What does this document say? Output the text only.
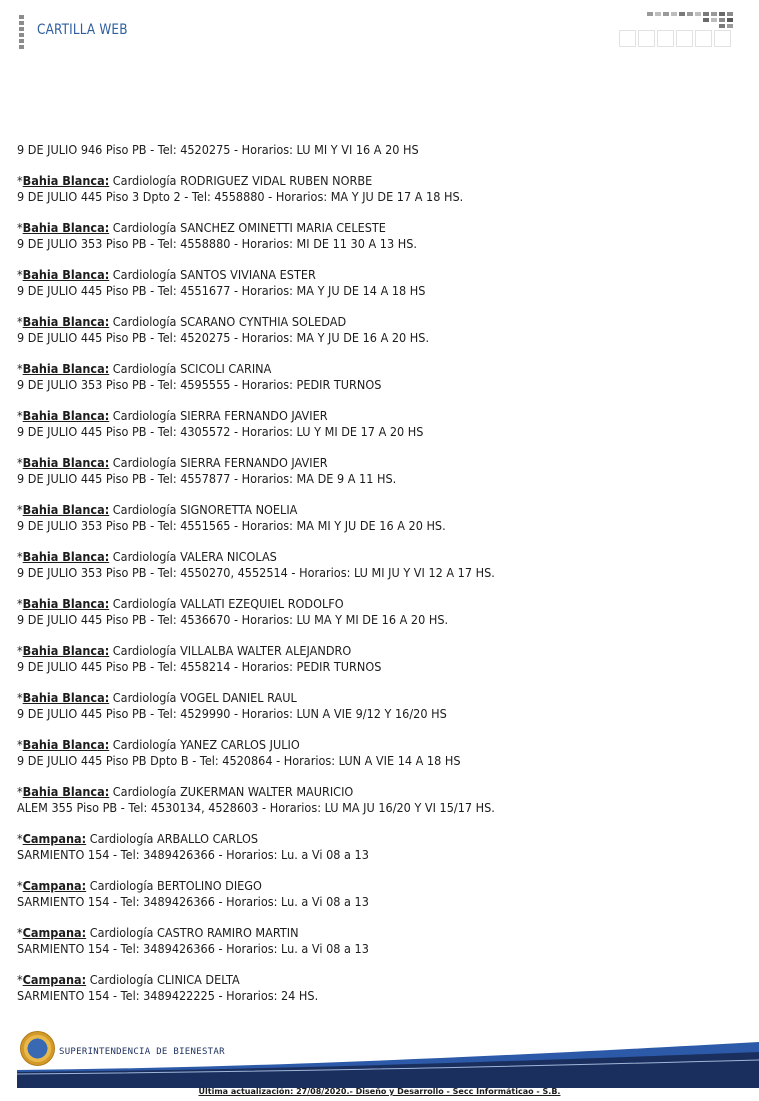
CARTILLA WEB
9 DE JULIO 946 Piso PB - Tel: 4520275 - Horarios: LU MI Y VI 16 A 20 HS
*Bahia Blanca: Cardiología RODRIGUEZ VIDAL RUBEN NORBE
9 DE JULIO 445 Piso 3 Dpto 2 - Tel: 4558880 - Horarios: MA Y JU DE 17 A 18 HS.
*Bahia Blanca: Cardiología SANCHEZ OMINETTI MARIA CELESTE
9 DE JULIO 353 Piso PB - Tel: 4558880 - Horarios: MI DE 11 30 A 13 HS.
*Bahia Blanca: Cardiología SANTOS VIVIANA ESTER
9 DE JULIO 445 Piso PB - Tel: 4551677 - Horarios: MA Y JU DE 14 A 18 HS
*Bahia Blanca: Cardiología SCARANO CYNTHIA SOLEDAD
9 DE JULIO 445 Piso PB - Tel: 4520275 - Horarios: MA Y JU DE 16 A 20 HS.
*Bahia Blanca: Cardiología SCICOLI CARINA
9 DE JULIO 353 Piso PB - Tel: 4595555 - Horarios: PEDIR TURNOS
*Bahia Blanca: Cardiología SIERRA FERNANDO JAVIER
9 DE JULIO 445 Piso PB - Tel: 4305572 - Horarios: LU Y MI DE 17 A 20 HS
*Bahia Blanca: Cardiología SIERRA FERNANDO JAVIER
9 DE JULIO 445 Piso PB - Tel: 4557877 - Horarios: MA DE 9 A 11 HS.
*Bahia Blanca: Cardiología SIGNORETTA NOELIA
9 DE JULIO 353 Piso PB - Tel: 4551565 - Horarios: MA MI Y JU DE 16 A 20 HS.
*Bahia Blanca: Cardiología VALERA NICOLAS
9 DE JULIO 353 Piso PB - Tel: 4550270, 4552514 - Horarios: LU MI JU Y VI 12 A 17 HS.
*Bahia Blanca: Cardiología VALLATI EZEQUIEL RODOLFO
9 DE JULIO 445 Piso PB - Tel: 4536670 - Horarios: LU MA Y MI DE 16 A 20 HS.
*Bahia Blanca: Cardiología VILLALBA WALTER ALEJANDRO
9 DE JULIO 445 Piso PB - Tel: 4558214 - Horarios: PEDIR TURNOS
*Bahia Blanca: Cardiología VOGEL DANIEL RAUL
9 DE JULIO 445 Piso PB - Tel: 4529990 - Horarios: LUN A VIE 9/12 Y 16/20 HS
*Bahia Blanca: Cardiología YANEZ CARLOS JULIO
9 DE JULIO 445 Piso PB Dpto B - Tel: 4520864 - Horarios: LUN A VIE 14 A 18 HS
*Bahia Blanca: Cardiología ZUKERMAN WALTER MAURICIO
ALEM 355 Piso PB - Tel: 4530134, 4528603 - Horarios: LU MA JU 16/20 Y VI 15/17 HS.
*Campana: Cardiología ARBALLO CARLOS
SARMIENTO 154 - Tel: 3489426366 - Horarios: Lu. a Vi 08 a 13
*Campana: Cardiología BERTOLINO DIEGO
SARMIENTO 154 - Tel: 3489426366 - Horarios: Lu. a Vi 08 a 13
*Campana: Cardiología CASTRO RAMIRO MARTIN
SARMIENTO 154 - Tel: 3489426366 - Horarios: Lu. a Vi 08 a 13
*Campana: Cardiología CLINICA DELTA
SARMIENTO 154 - Tel: 3489422225 - Horarios: 24 HS.
SUPERINTENDENCIA DE BIENESTAR
Última actualización: 27/08/2020.- Diseño y Desarrollo - Secc Informáticao - S.B.
